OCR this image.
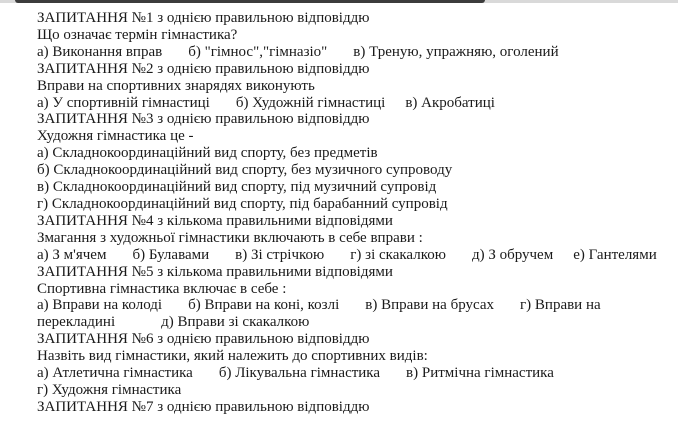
ЗАПИТАННЯ №1 з однією правильною відповіддю
Що означає термін гімнастика?
а) Виконання вправ б) "гімнос","гімназіо" в) Треную, упражняю, оголений
ЗАПИТАННЯ №2 з однією правильною відповіддю
Вправи на спортивних знарядях виконують
а) У спортивній гімнастиці б) Художній гімнастиці в) Акробатиці
ЗАПИТАННЯ №3 з однією правильною відповіддю
Художня гімнастика це -
а) Складнокоординаційний вид спорту, без предметів
б) Складнокоординаційний вид спорту, без музичного супроводу
в) Складнокоординаційний вид спорту, під музичний супровід
г) Складнокоординаційний вид спорту, під барабанний супровід
ЗАПИТАННЯ №4 з кількома правильними відповідями
Змагання з художньої гімнастики включають в себе вправи :
а) З м'ячем б) Булавами в) Зі стрічкою г) зі скакалкою д) З обручем е) Гантелями
ЗАПИТАННЯ №5 з кількома правильними відповідями
Спортивна гімнастика включає в себе :
а) Вправи на колоді б) Вправи на коні, козлі в) Вправи на брусах г) Вправи на
перекладині	д) Вправи зі скакалкою
ЗАПИТАННЯ №6 з однією правильною відповіддю
Назвіть вид гімнастики, який належить до спортивних видів:
а) Атлетична гімнастика б) Лікувальна гімнастика в) Ритмічна гімнастика
г) Художня гімнастика
ЗАПИТАННЯ №7 з однією правильною відповіддю
